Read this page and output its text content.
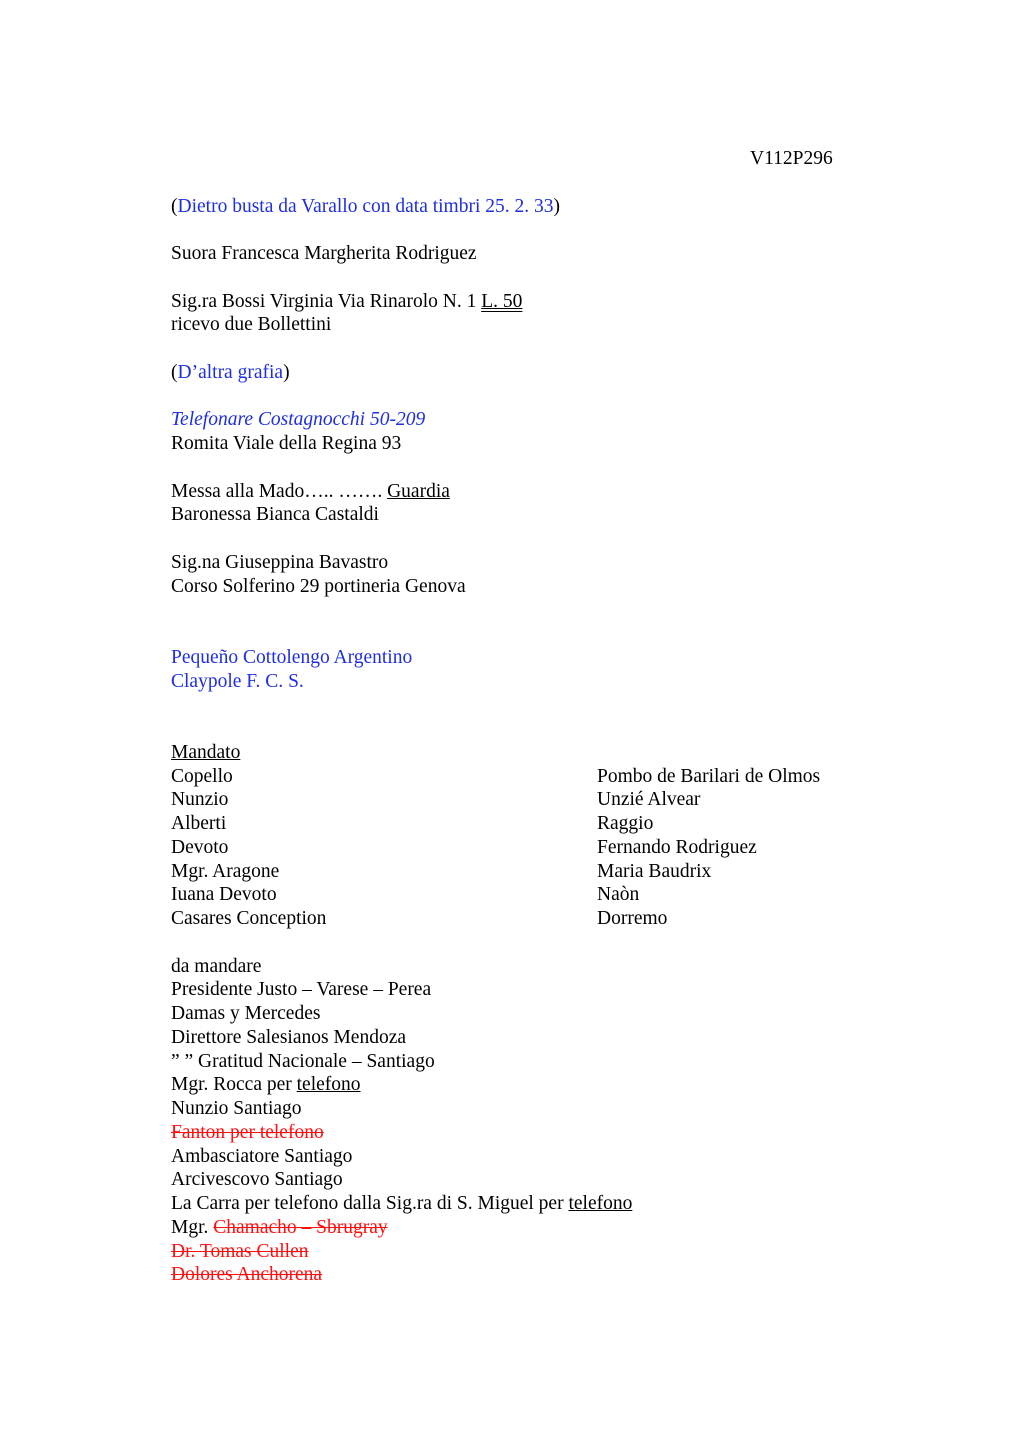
V112P296
(Dietro busta da Varallo con data timbri 25. 2. 33)
Suora Francesca Margherita Rodriguez
Sig.ra Bossi Virginia Via Rinarolo N. 1 L. 50
ricevo due Bollettini
(D’altra grafia)
Telefonare Costagnocchi 50-209
Romita Viale della Regina 93
Messa alla Mado….. ……. Guardia
Baronessa Bianca Castaldi
Sig.na Giuseppina Bavastro
Corso Solferino 29 portineria Genova
Pequeño Cottolengo Argentino
Claypole F. C. S.
Mandato
Copello
Nunzio
Alberti
Devoto
Mgr. Aragone
Iuana Devoto
Casares Conception
Pombo de Barilari de Olmos
Unzié Alvear
Raggio
Fernando Rodriguez
Maria Baudrix
Naòn
Dorremo
da mandare
Presidente Justo – Varese – Perea
Damas y Mercedes
Direttore Salesianos Mendoza
” ” Gratitud Nacionale – Santiago
Mgr. Rocca per telefono
Nunzio Santiago
Fanton per telefono
Ambasciatore Santiago
Arcivescovo Santiago
La Carra per telefono dalla Sig.ra di S. Miguel per telefono
Mgr. Chamacho – Sbrugray
Dr. Tomas Cullen
Dolores Anchorena
